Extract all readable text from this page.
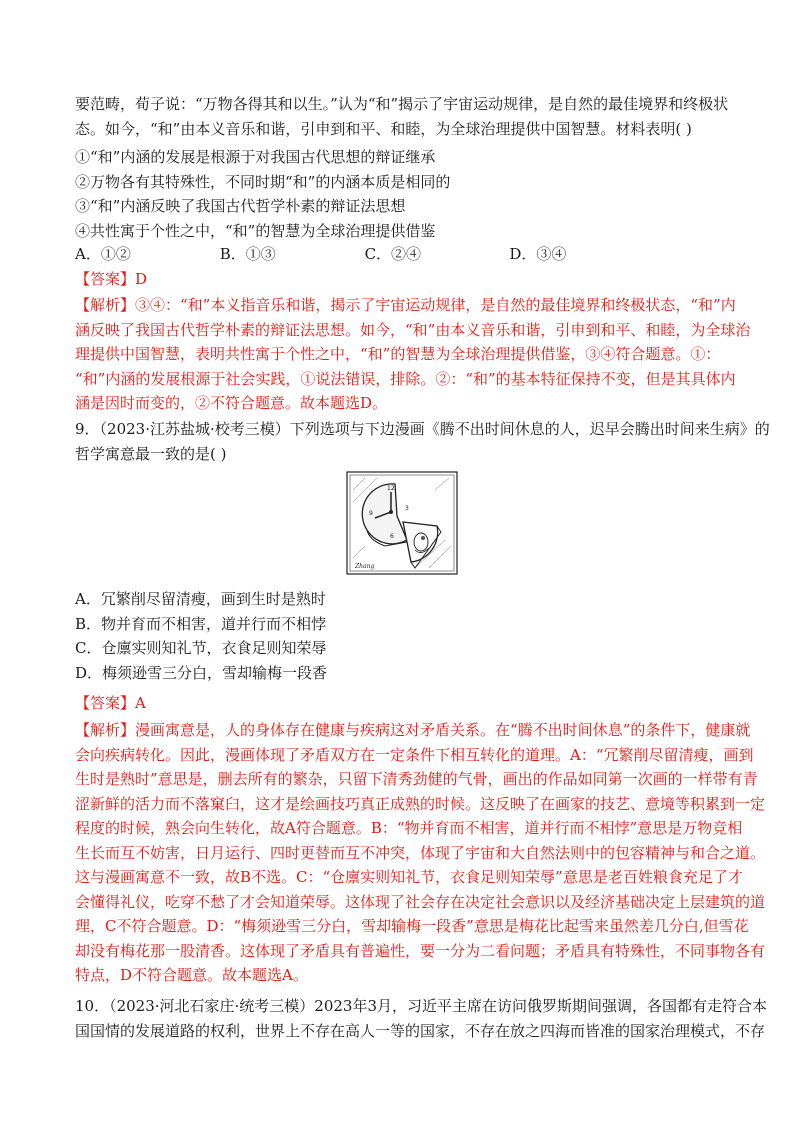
要范畴，荀子说：“万物各得其和以生。”认为“和”揭示了宇宙运动规律，是自然的最佳境界和终极状
态。如今，“和”由本义音乐和谐，引申到和平、和睦，为全球治理提供中国智慧。材料表明( )
①“和”内涵的发展是根源于对我国古代思想的辩证继承
②万物各有其特殊性，不同时期“和”的内涵本质是相同的
③“和”内涵反映了我国古代哲学朴素的辩证法思想
④共性寓于个性之中，“和”的智慧为全球治理提供借鉴
A．①②	B．①③	C．②④	D．③④
【答案】D
【解析】③④：“和”本义指音乐和谐，揭示了宇宙运动规律，是自然的最佳境界和终极状态，“和”内
涵反映了我国古代哲学朴素的辩证法思想。如今，“和”由本义音乐和谐，引申到和平、和睦，为全球治
理提供中国智慧，表明共性寓于个性之中，“和”的智慧为全球治理提供借鉴，③④符合题意。①：
“和”内涵的发展根源于社会实践，①说法错误，排除。②：“和”的基本特征保持不变，但是其具体内
涵是因时而变的，②不符合题意。故本题选D。
9．（2023·江苏盐城·校考三模）下列选项与下边漫画《腾不出时间休息的人，迟早会腾出时间来生病》的
哲学寓意最一致的是( )
12
9
3
6
Zhang
A．冗繁削尽留清瘦，画到生时是熟时
B．物并育而不相害，道并行而不相悖
C．仓廪实则知礼节，衣食足则知荣辱
D．梅须逊雪三分白，雪却输梅一段香
【答案】A
【解析】漫画寓意是，人的身体存在健康与疾病这对矛盾关系。在“腾不出时间休息”的条件下，健康就
会向疾病转化。因此，漫画体现了矛盾双方在一定条件下相互转化的道理。A：“冗繁削尽留清瘦，画到
生时是熟时”意思是，删去所有的繁杂，只留下清秀劲健的气骨，画出的作品如同第一次画的一样带有青
涩新鲜的活力而不落窠臼，这才是绘画技巧真正成熟的时候。这反映了在画家的技艺、意境等积累到一定
程度的时候，熟会向生转化，故A符合题意。B：“物并育而不相害，道并行而不相悖”意思是万物竞相
生长而互不妨害，日月运行、四时更替而互不冲突，体现了宇宙和大自然法则中的包容精神与和合之道。
这与漫画寓意不一致，故B不选。C：“仓廪实则知礼节，衣食足则知荣辱”意思是老百姓粮食充足了才
会懂得礼仪，吃穿不愁了才会知道荣辱。这体现了社会存在决定社会意识以及经济基础决定上层建筑的道
理，C不符合题意。D：“梅须逊雪三分白，雪却输梅一段香”意思是梅花比起雪来虽然差几分白,但雪花
却没有梅花那一股清香。这体现了矛盾具有普遍性，要一分为二看问题；矛盾具有特殊性，不同事物各有
特点，D不符合题意。故本题选A。
10．（2023·河北石家庄·统考三模）2023年3月，习近平主席在访问俄罗斯期间强调，各国都有走符合本
国国情的发展道路的权利，世界上不存在高人一等的国家，不存在放之四海而皆准的国家治理模式，不存
